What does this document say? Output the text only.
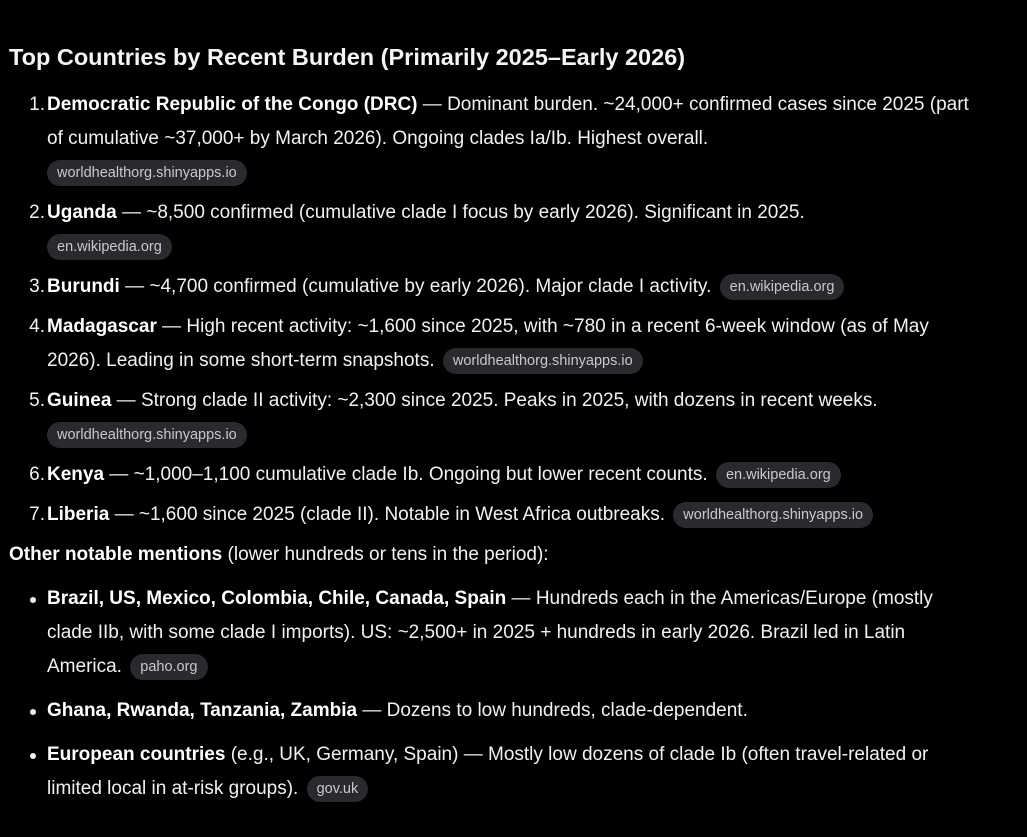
Top Countries by Recent Burden (Primarily 2025–Early 2026)
1. Democratic Republic of the Congo (DRC) — Dominant burden. ~24,000+ confirmed cases since 2025 (part of cumulative ~37,000+ by March 2026). Ongoing clades Ia/Ib. Highest overall.
worldhealthorg.shinyapps.io
2. Uganda — ~8,500 confirmed (cumulative clade I focus by early 2026). Significant in 2025.
en.wikipedia.org
3. Burundi — ~4,700 confirmed (cumulative by early 2026). Major clade I activity. en.wikipedia.org
4. Madagascar — High recent activity: ~1,600 since 2025, with ~780 in a recent 6-week window (as of May 2026). Leading in some short-term snapshots. worldhealthorg.shinyapps.io
5. Guinea — Strong clade II activity: ~2,300 since 2025. Peaks in 2025, with dozens in recent weeks.
worldhealthorg.shinyapps.io
6. Kenya — ~1,000–1,100 cumulative clade Ib. Ongoing but lower recent counts. en.wikipedia.org
7. Liberia — ~1,600 since 2025 (clade II). Notable in West Africa outbreaks. worldhealthorg.shinyapps.io
Other notable mentions (lower hundreds or tens in the period):
Brazil, US, Mexico, Colombia, Chile, Canada, Spain — Hundreds each in the Americas/Europe (mostly clade IIb, with some clade I imports). US: ~2,500+ in 2025 + hundreds in early 2026. Brazil led in Latin America. paho.org
Ghana, Rwanda, Tanzania, Zambia — Dozens to low hundreds, clade-dependent.
European countries (e.g., UK, Germany, Spain) — Mostly low dozens of clade Ib (often travel-related or limited local in at-risk groups). gov.uk
